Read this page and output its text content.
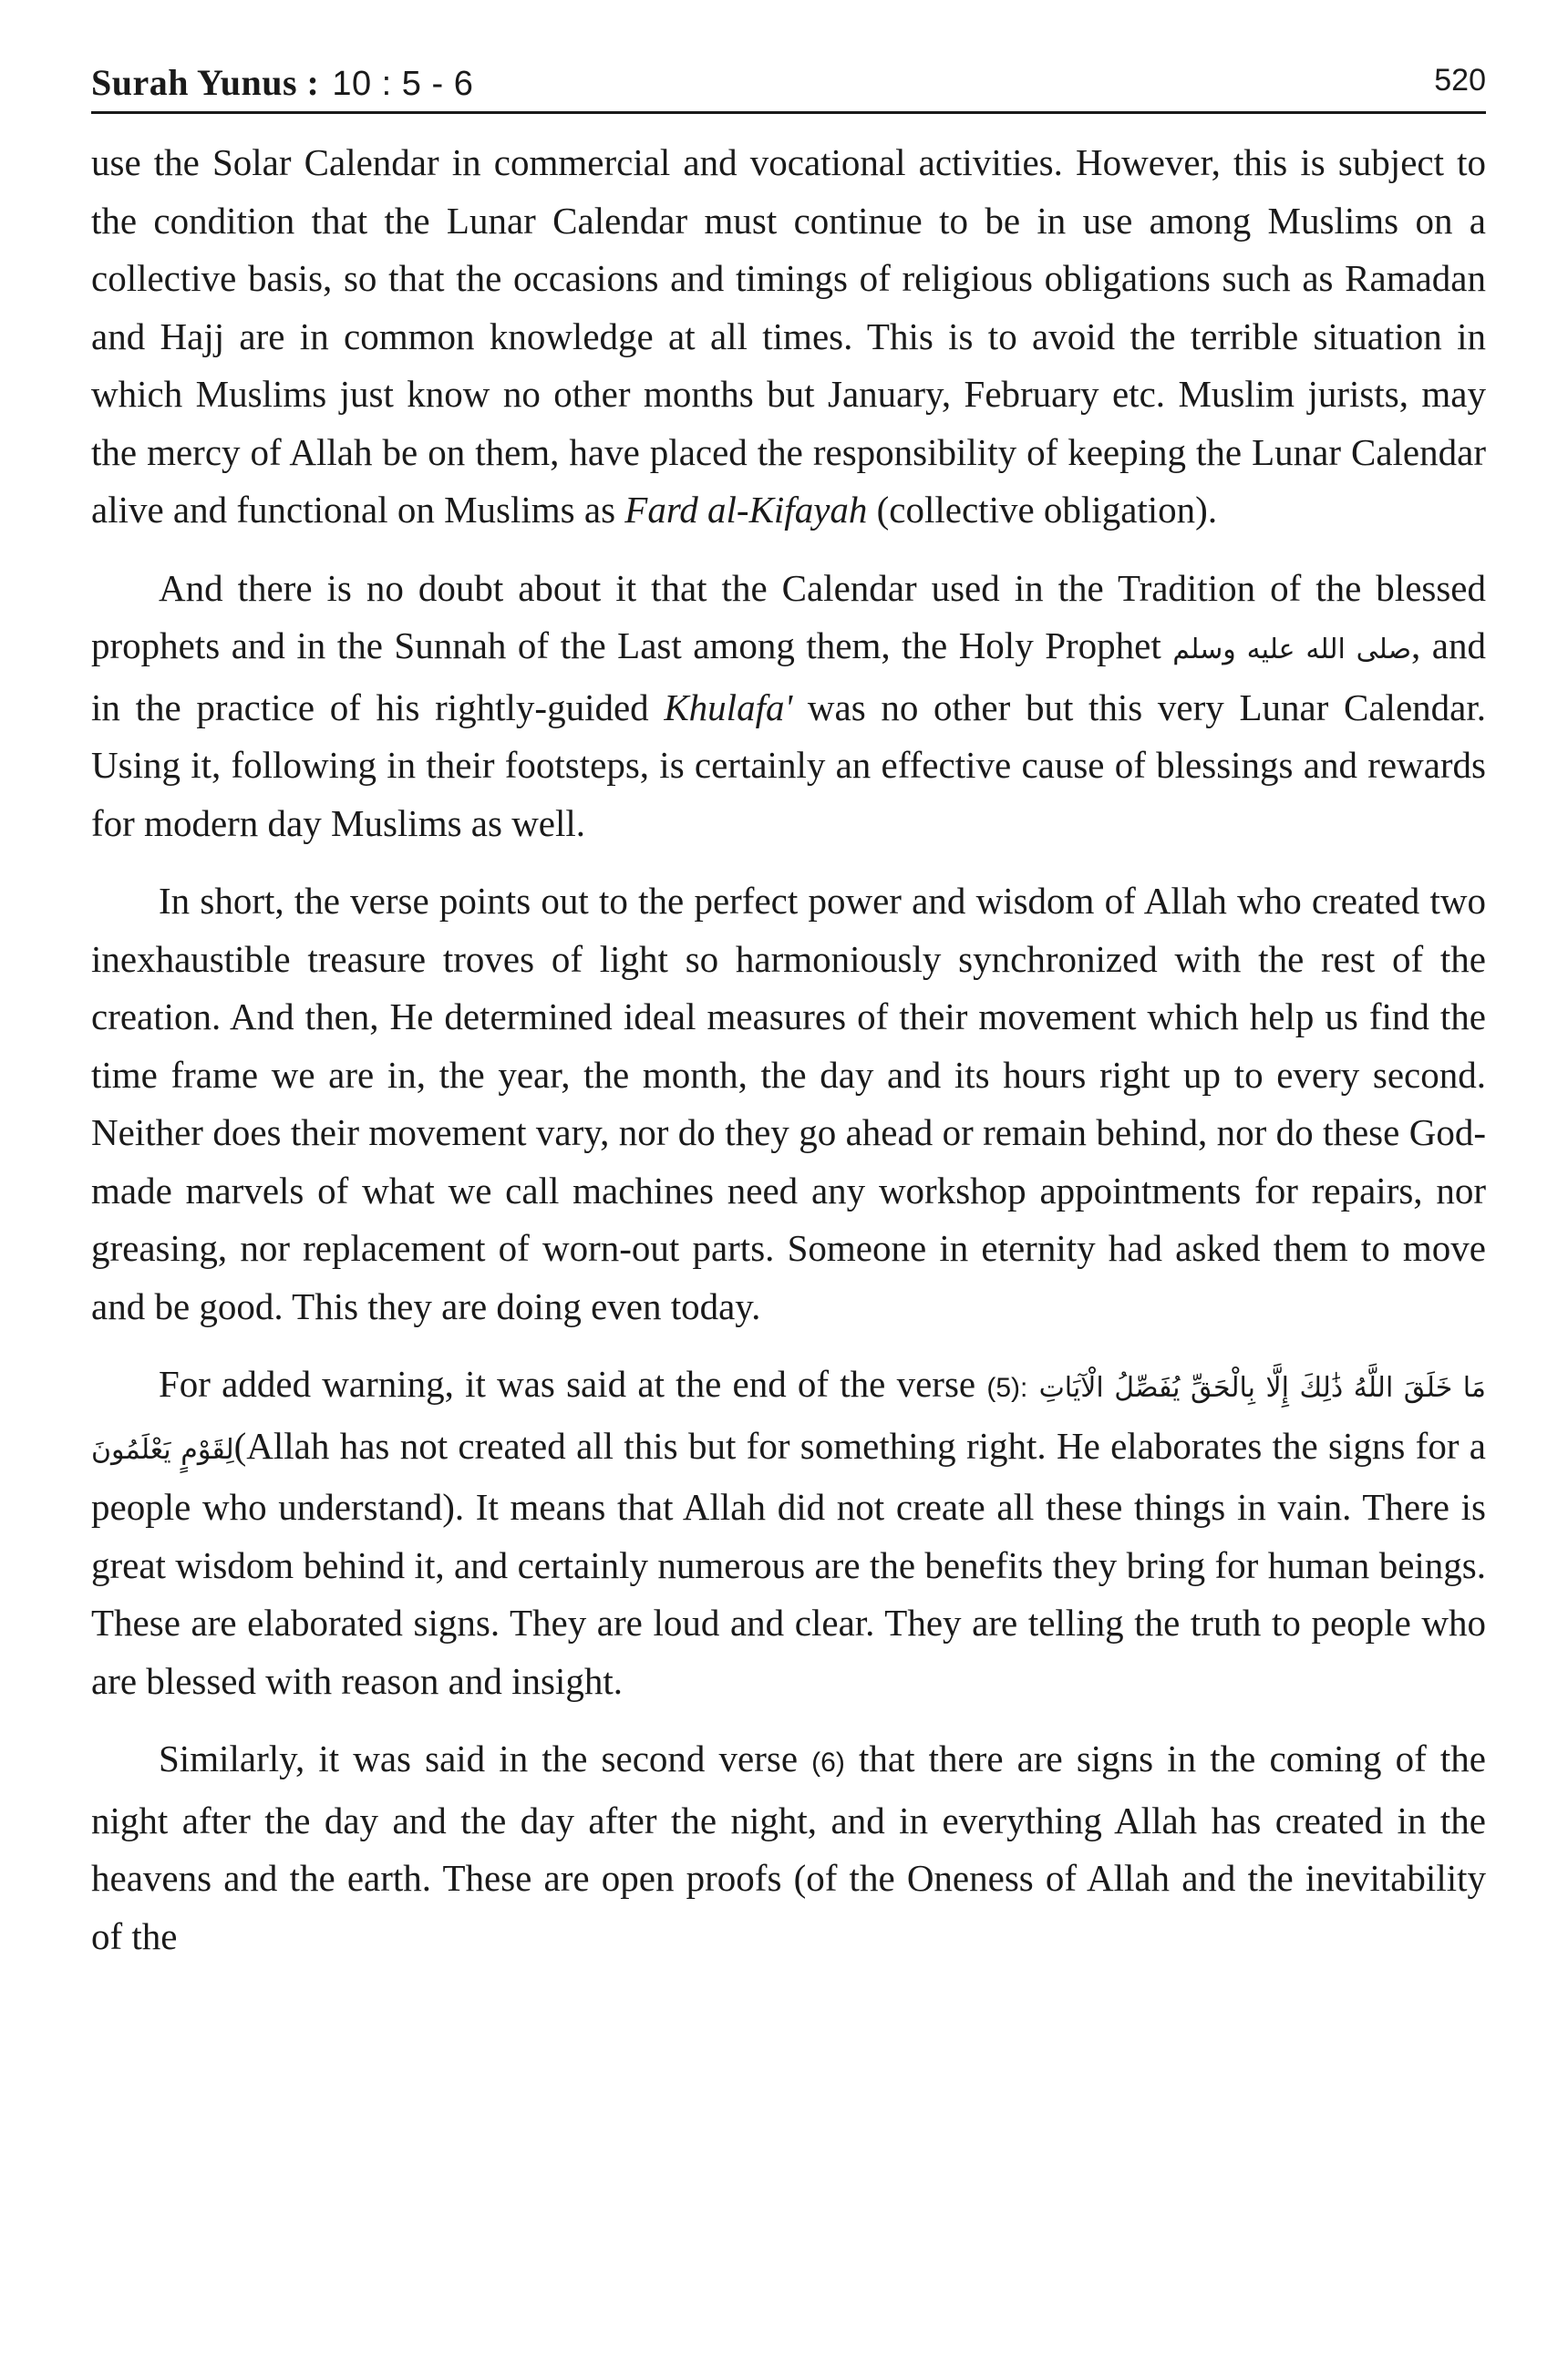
Surah Yunus : 10 : 5 - 6	520

use the Solar Calendar in commercial and vocational activities. However, this is subject to the condition that the Lunar Calendar must continue to be in use among Muslims on a collective basis, so that the occasions and timings of religious obligations such as Ramadan and Hajj are in common knowledge at all times. This is to avoid the terrible situation in which Muslims just know no other months but January, February etc. Muslim jurists, may the mercy of Allah be on them, have placed the responsibility of keeping the Lunar Calendar alive and functional on Muslims as Fard al-Kifayah (collective obligation).

And there is no doubt about it that the Calendar used in the Tradition of the blessed prophets and in the Sunnah of the Last among them, the Holy Prophet صلى الله عليه وسلم, and in the practice of his rightly-guided Khulafa' was no other but this very Lunar Calendar. Using it, following in their footsteps, is certainly an effective cause of blessings and rewards for modern day Muslims as well.

In short, the verse points out to the perfect power and wisdom of Allah who created two inexhaustible treasure troves of light so harmoniously synchronized with the rest of the creation. And then, He determined ideal measures of their movement which help us find the time frame we are in, the year, the month, the day and its hours right up to every second. Neither does their movement vary, nor do they go ahead or remain behind, nor do these God-made marvels of what we call machines need any workshop appointments for repairs, nor greasing, nor replacement of worn-out parts. Someone in eternity had asked them to move and be good. This they are doing even today.

For added warning, it was said at the end of the verse (5): مَا خَلَقَ اللَّهُ ذَٰلِكَ إِلَّا بِالْحَقِّ يُفَصِّلُ الْآيَاتِ لِقَوْمٍ يَعْلَمُونَ(Allah has not created all this but for something right. He elaborates the signs for a people who understand). It means that Allah did not create all these things in vain. There is great wisdom behind it, and certainly numerous are the benefits they bring for human beings. These are elaborated signs. They are loud and clear. They are telling the truth to people who are blessed with reason and insight.

Similarly, it was said in the second verse (6) that there are signs in the coming of the night after the day and the day after the night, and in everything Allah has created in the heavens and the earth. These are open proofs (of the Oneness of Allah and the inevitability of the
